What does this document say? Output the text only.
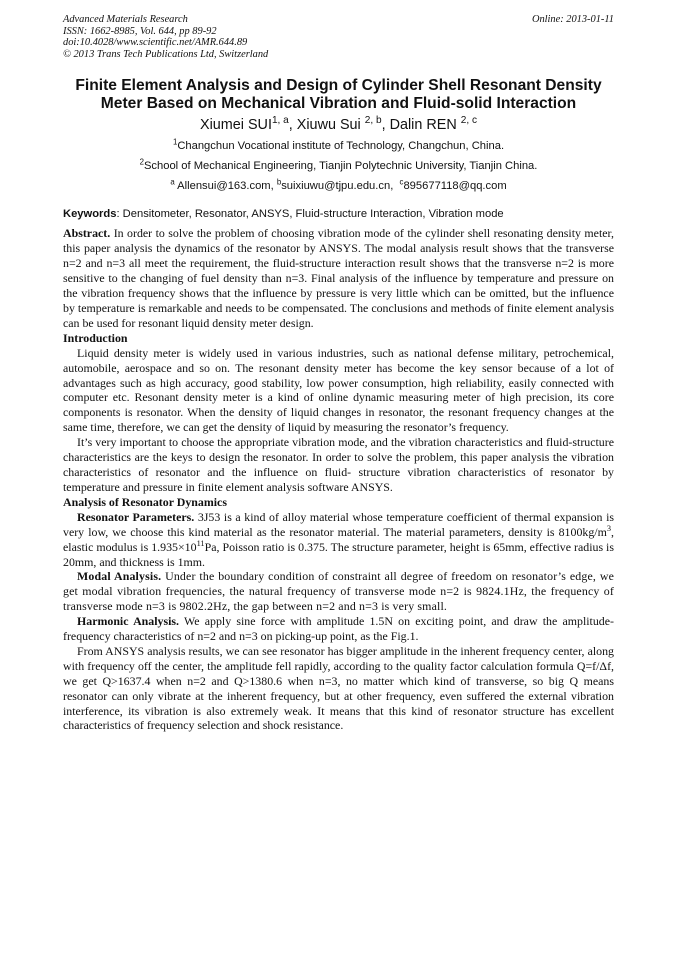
Advanced Materials Research
ISSN: 1662-8985, Vol. 644, pp 89-92
doi:10.4028/www.scientific.net/AMR.644.89
© 2013 Trans Tech Publications Ltd, Switzerland
Online: 2013-01-11
Finite Element Analysis and Design of Cylinder Shell Resonant Density
Meter Based on Mechanical Vibration and Fluid-solid Interaction
Xiumei SUI$^{1, a}$, Xiuwu Sui $^{2, b}$, Dalin REN $^{2, c}$
$^1$Changchun Vocational institute of Technology, Changchun, China.
$^2$School of Mechanical Engineering, Tianjin Polytechnic University, Tianjin China.
$^a$ Allensui@163.com, $^b$suixiuwu@tjpu.edu.cn, $^c$895677118@qq.com
Keywords: Densitometer, Resonator, ANSYS, Fluid-structure Interaction, Vibration mode
Abstract. In order to solve the problem of choosing vibration mode of the cylinder shell resonating density meter, this paper analysis the dynamics of the resonator by ANSYS. The modal analysis result shows that the transverse n=2 and n=3 all meet the requirement, the fluid-structure interaction result shows that the transverse n=2 is more sensitive to the changing of fuel density than n=3. Final analysis of the influence by temperature and pressure on the vibration frequency shows that the influence by pressure is very little which can be omitted, but the influence by temperature is remarkable and needs to be compensated. The conclusions and methods of finite element analysis can be used for resonant liquid density meter design.
Introduction
Liquid density meter is widely used in various industries, such as national defense military, petrochemical, automobile, aerospace and so on. The resonant density meter has become the key sensor because of a lot of advantages such as high accuracy, good stability, low power consumption, high reliability, easily connected with computer etc. Resonant density meter is a kind of online dynamic measuring meter of high precision, its core components is resonator. When the density of liquid changes in resonator, the resonant frequency changes at the same time, therefore, we can get the density of liquid by measuring the resonator’s frequency.
It’s very important to choose the appropriate vibration mode, and the vibration characteristics and fluid-structure characteristics are the keys to design the resonator. In order to solve the problem, this paper analysis the vibration characteristics of resonator and the influence on fluid- structure vibration characteristics of resonator by temperature and pressure in finite element analysis software ANSYS.
Analysis of Resonator Dynamics
Resonator Parameters. 3J53 is a kind of alloy material whose temperature coefficient of thermal expansion is very low, we choose this kind material as the resonator material. The material parameters, density is $8100kg/m^3$, elastic modulus is $1.935\times 10^{11}Pa$, Poisson ratio is 0.375. The structure parameter, height is 65mm, effective radius is 20mm, and thickness is 1mm.
Modal Analysis. Under the boundary condition of constraint all degree of freedom on resonator’s edge, we get modal vibration frequencies, the natural frequency of transverse mode n=2 is 9824.1Hz, the frequency of transverse mode n=3 is 9802.2Hz, the gap between n=2 and n=3 is very small.
Harmonic Analysis. We apply sine force with amplitude 1.5N on exciting point, and draw the amplitude-frequency characteristics of n=2 and n=3 on picking-up point, as the Fig.1.
From ANSYS analysis results, we can see resonator has bigger amplitude in the inherent frequency center, along with frequency off the center, the amplitude fell rapidly, according to the quality factor calculation formula Q=f/Δf, we get Q>1637.4 when n=2 and Q>1380.6 when n=3, no matter which kind of transverse, so big Q means resonator can only vibrate at the inherent frequency, but at other frequency, even suffered the external vibration interference, its vibration is also extremely weak. It means that this kind of resonator structure has excellent characteristics of frequency selection and shock resistance.
